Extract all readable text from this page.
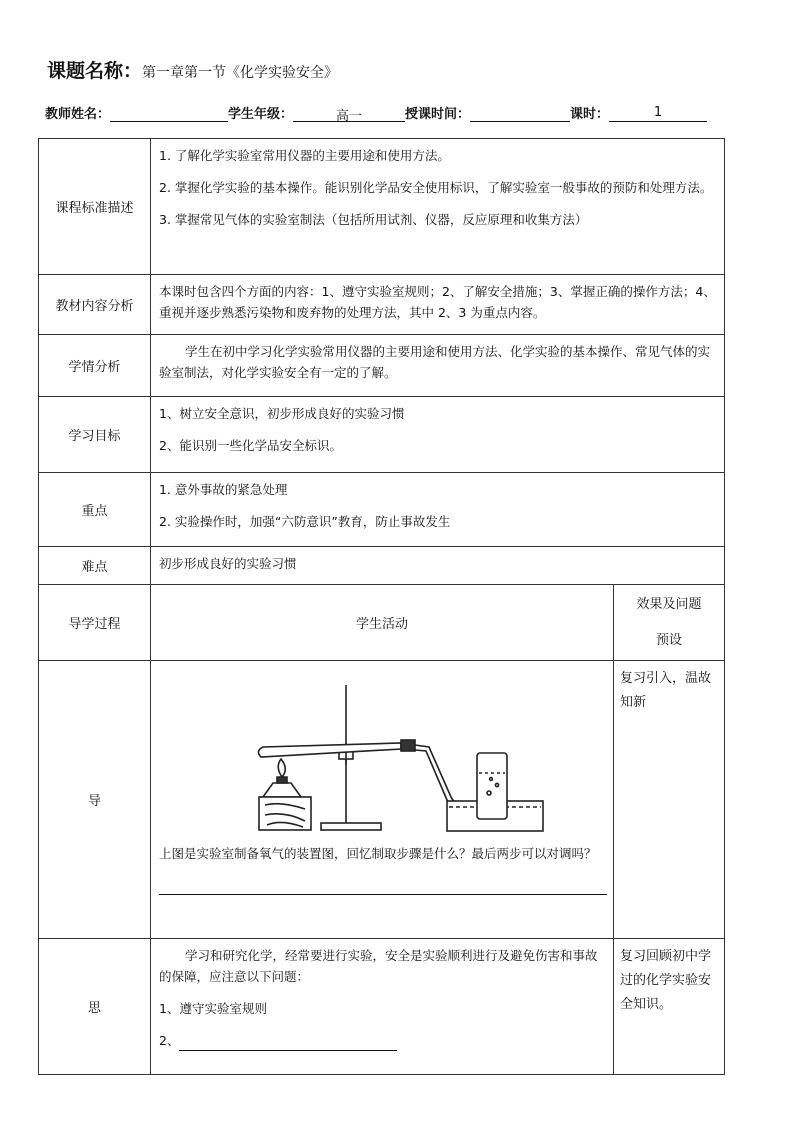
课题名称：第一章第一节《化学实验安全》
教师姓名：	学生年级：	高一	授课时间：	课时：	1
课程标准描述	1. 了解化学实验室常用仪器的主要用途和使用方法。

2. 掌握化学实验的基本操作。能识别化学品安全使用标识，了解实验室一般事故的预防和处理方法。

3. 掌握常见气体的实验室制法（包括所用试剂、仪器，反应原理和收集方法）	

教材内容分析	本课时包含四个方面的内容：1、遵守实验室规则；2、了解安全措施；3、掌握正确的操作方法；4、重视并逐步熟悉污染物和废弃物的处理方法，其中 2、3 为重点内容。	
学情分析	学生在初中学习化学实验常用仪器的主要用途和使用方法、化学实验的基本操作、常见气体的实验室制法，对化学实验安全有一定的了解。	
学习目标	1、树立安全意识，初步形成良好的实验习惯

2、能识别一些化学品安全标识。	

重点	1. 意外事故的紧急处理

2. 实验操作时，加强“六防意识”教育，防止事故发生	

难点	初步形成良好的实验习惯	
导学过程	学生活动	效果及问题
预设

导	上图是实验室制备氧气的装置图，回忆制取步骤是什么？最后两步可以对调吗？	复习引入，温故知新
思	学习和研究化学，经常要进行实验，安全是实验顺利进行及避免伤害和事故的保障，应注意以下问题：

1、遵守实验室规则

2、	复习回顾初中学过的化学实验安全知识。
